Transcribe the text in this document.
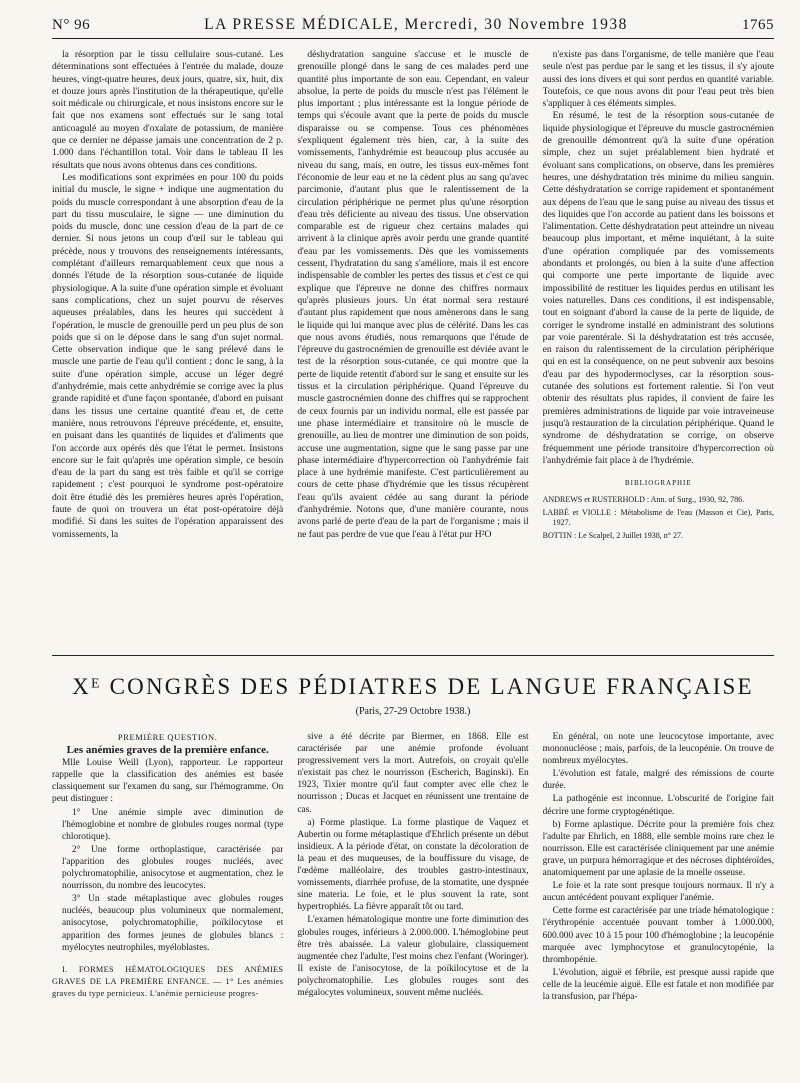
N° 96	LA PRESSE MÉDICALE, Mercredi, 30 Novembre 1938	1765

la résorption par le tissu cellulaire sous-cutané. Les déterminations sont effectuées à l'entrée du malade, douze heures, vingt-quatre heures, deux jours, quatre, six, huit, dix et douze jours après l'institution de la thérapeutique, qu'elle soit médicale ou chirurgicale, et nous insistons encore sur le fait que nos examens sont effectués sur le sang total anticoagulé au moyen d'oxalate de potassium, de manière que ce dernier ne dépasse jamais une concentration de 2 p. 1.000 dans l'échantillon total. Voir dans le tableau II les résultats que nous avons obtenus dans ces conditions.

Les modifications sont exprimées en pour 100 du poids initial du muscle, le signe + indique une augmentation du poids du muscle correspondant à une absorption d'eau de la part du tissu musculaire, le signe — une diminution du poids du muscle, donc une cession d'eau de la part de ce dernier. Si nous jetons un coup d'œil sur le tableau qui précède, nous y trouvons des renseignements intéressants, complétant d'ailleurs remarquablement ceux que nous a donnés l'étude de la résorption sous-cutanée de liquide physiologique. A la suite d'une opération simple et évoluant sans complications, chez un sujet pourvu de réserves aqueuses préalables, dans les heures qui succèdent à l'opération, le muscle de grenouille perd un peu plus de son poids que si on le dépose dans le sang d'un sujet normal. Cette observation indique que le sang prélevé dans le muscle une partie de l'eau qu'il contient ; donc le sang, à la suite d'une opération simple, accuse un léger degré d'anhydrémie, mais cette anhydrémie se corrige avec la plus grande rapidité et d'une façon spontanée, d'abord en puisant dans les tissus une certaine quantité d'eau et, de cette manière, nous retrouvons l'épreuve précédente, et, ensuite, en puisant dans les quantités de liquides et d'aliments que l'on accorde aux opérés dès que l'état le permet. Insistons encore sur le fait qu'après une opération simple, ce besoin d'eau de la part du sang est très faible et qu'il se corrige rapidement ; c'est pourquoi le syndrome post-opératoire doit être étudié dès les premières heures après l'opération, faute de quoi on trouvera un état post-opératoire déjà modifié. Si dans les suites de l'opération apparaissent des vomissements, la

déshydratation sanguine s'accuse et le muscle de grenouille plongé dans le sang de ces malades perd une quantité plus importante de son eau. Cependant, en valeur absolue, la perte de poids du muscle n'est pas l'élément le plus important ; plus intéressante est la longue période de temps qui s'écoule avant que la perte de poids du muscle disparaisse ou se compense. Tous ces phénomènes s'expliquent également très bien, car, à la suite des vomissements, l'anhydrémie est beaucoup plus accusée au niveau du sang, mais, en outre, les tissus eux-mêmes font l'économie de leur eau et ne la cèdent plus au sang qu'avec parcimonie, d'autant plus que le ralentissement de la circulation périphérique ne permet plus qu'une résorption d'eau très déficiente au niveau des tissus. Une observation comparable est de rigueur chez certains malades qui arrivent à la clinique après avoir perdu une grande quantité d'eau par les vomissements. Dès que les vomissements cessent, l'hydratation du sang s'améliore, mais il est encore indispensable de combler les pertes des tissus et c'est ce qui explique que l'épreuve ne donne des chiffres normaux qu'après plusieurs jours. Un état normal sera restauré d'autant plus rapidement que nous amènerons dans le sang le liquide qui lui manque avec plus de célérité. Dans les cas que nous avons étudiés, nous remarquons que l'étude de l'épreuve du gastrocnémien de grenouille est déviée avant le test de la résorption sous-cutanée, ce qui montre que la perte de liquide retentit d'abord sur le sang et ensuite sur les tissus et la circulation périphérique. Quand l'épreuve du muscle gastrocnémien donne des chiffres qui se rapprochent de ceux fournis par un individu normal, elle est passée par une phase intermédiaire et transitoire où le muscle de grenouille, au lieu de montrer une diminution de son poids, accuse une augmentation, signe que le sang passe par une phase intermédiaire d'hypercorrection où l'anhydrémie fait place à une hydrémie manifeste. C'est particulièrement au cours de cette phase d'hydrémie que les tissus récupèrent l'eau qu'ils avaient cédée au sang durant la période d'anhydrémie. Notons que, d'une manière courante, nous avons parlé de perte d'eau de la part de l'organisme ; mais il ne faut pas perdre de vue que l'eau à l'état pur H²O

n'existe pas dans l'organisme, de telle manière que l'eau seule n'est pas perdue par le sang et les tissus, il s'y ajoute aussi des ions divers et qui sont perdus en quantité variable. Toutefois, ce que nous avons dit pour l'eau peut très bien s'appliquer à ces éléments simples.

En résumé, le test de la résorption sous-cutanée de liquide physiologique et l'épreuve du muscle gastrocnémien de grenouille démontrent qu'à la suite d'une opération simple, chez un sujet préalablement bien hydraté et évoluant sans complications, on observe, dans les premières heures, une déshydratation très minime du milieu sanguin. Cette déshydratation se corrige rapidement et spontanément aux dépens de l'eau que le sang puise au niveau des tissus et des liquides que l'on accorde au patient dans les boissons et l'alimentation. Cette déshydratation peut atteindre un niveau beaucoup plus important, et même inquiétant, à la suite d'une opération compliquée par des vomissements abondants et prolongés, ou bien à la suite d'une affection qui comporte une perte importante de liquide avec impossibilité de restituer les liquides perdus en utilisant les voies naturelles. Dans ces conditions, il est indispensable, tout en soignant d'abord la cause de la perte de liquide, de corriger le syndrome installé en administrant des solutions par voie parentérale. Si la déshydratation est très accusée, en raison du ralentissement de la circulation périphérique qui en est la conséquence, on ne peut subvenir aux besoins d'eau par des hypodermoclyses, car la résorption sous-cutanée des solutions est fortement ralentie. Si l'on veut obtenir des résultats plus rapides, il convient de faire les premières administrations de liquide par voie intraveineuse jusqu'à restauration de la circulation périphérique. Quand le syndrome de déshydratation se corrige, on observe fréquemment une période transitoire d'hypercorrection où l'anhydrémie fait place à de l'hydrémie.

BIBLIOGRAPHIE

ANDREWS et RUSTERHOLD : Ann. of Surg., 1930, 92, 786.

LABBÉ et VIOLLE : Métabolisme de l'eau (Masson et Cie), Paris, 1927.

BOTTIN : Le Scalpel, 2 Juillet 1938, n° 27.

Xᴱ CONGRÈS DES PÉDIATRES DE LANGUE FRANÇAISE
(Paris, 27-29 Octobre 1938.)

PREMIÈRE QUESTION.

Les anémies graves de la première enfance.

Mlle Louise Weill (Lyon), rapporteur. Le rapporteur rappelle que la classification des anémies est basée classiquement sur l'examen du sang, sur l'hémogramme. On peut distinguer :

1° Une anémie simple avec diminution de l'hémoglobine et nombre de globules rouges normal (type chlorotique).

2° Une forme orthoplastique, caractérisée par l'apparition des globules rouges nucléés, avec polychromatophilie, anisocytose et augmentation, chez le nourrisson, du nombre des leucocytes.

3° Un stade métaplastique avec globules rouges nucléés, beaucoup plus volumineux que normalement, anisocytose, polychromatophilie, poïkilocytose et apparition des formes jeunes de globules blancs : myélocytes neutrophiles, myéloblastes.

I. FORMES HÉMATOLOGIQUES DES ANÉMIES GRAVES DE LA PREMIÈRE ENFANCE. — 1° Les anémies graves du type pernicieux. L'anémie pernicieuse progres-

sive a été décrite par Biermer, en 1868. Elle est caractérisée par une anémie profonde évoluant progressivement vers la mort. Autrefois, on croyait qu'elle n'existait pas chez le nourrisson (Escherich, Baginski). En 1923, Tixier montre qu'il faut compter avec elle chez le nourrisson ; Ducas et Jacquet en réunissent une trentaine de cas.

a) Forme plastique. La forme plastique de Vaquez et Aubertin ou forme métaplastique d'Ehrlich présente un début insidieux. A la période d'état, on constate la décoloration de la peau et des muqueuses, de la bouffissure du visage, de l'œdème malléolaire, des troubles gastro-intestinaux, vomissements, diarrhée profuse, de la stomatite, une dyspnée sine materia. Le foie, et le plus souvent la rate, sont hypertrophiés. La fièvre apparaît tôt ou tard.

L'examen hématologique montre une forte diminution des globules rouges, inférieurs à 2.000.000. L'hémoglobine peut être très abaissée. La valeur globulaire, classiquement augmentée chez l'adulte, l'est moins chez l'enfant (Woringer). Il existe de l'anisocytose, de la poïkilocytose et de la polychromatophilie. Les globules rouges sont des mégalocytes volumineux, souvent même nucléés.

En général, on note une leucocytose importante, avec mononucléose ; mais, parfois, de la leucopénie. On trouve de nombreux myélocytes.

L'évolution est fatale, malgré des rémissions de courte durée.

La pathogénie est inconnue. L'obscurité de l'origine fait décrire une forme cryptogénétique.

b) Forme aplastique. Décrite pour la première fois chez l'adulte par Ehrlich, en 1888, elle semble moins rare chez le nourrisson. Elle est caractérisée cliniquement par une anémie grave, un purpura hémorragique et des nécroses diphtéroïdes, anatomiquement par une aplasie de la moelle osseuse.

Le foie et la rate sont presque toujours normaux. Il n'y a aucun antécédent pouvant expliquer l'anémie.

Cette forme est caractérisée par une triade hématologique : l'érythropénie accentuée pouvant tomber à 1.000.000, 600.000 avec 10 à 15 pour 100 d'hémoglobine ; la leucopénie marquée avec lymphocytose et granulocytopénie, la thrombopénie.

L'évolution, aiguë et fébrile, est presque aussi rapide que celle de la leucémie aiguë. Elle est fatale et non modifiée par la transfusion, par l'hépa-
